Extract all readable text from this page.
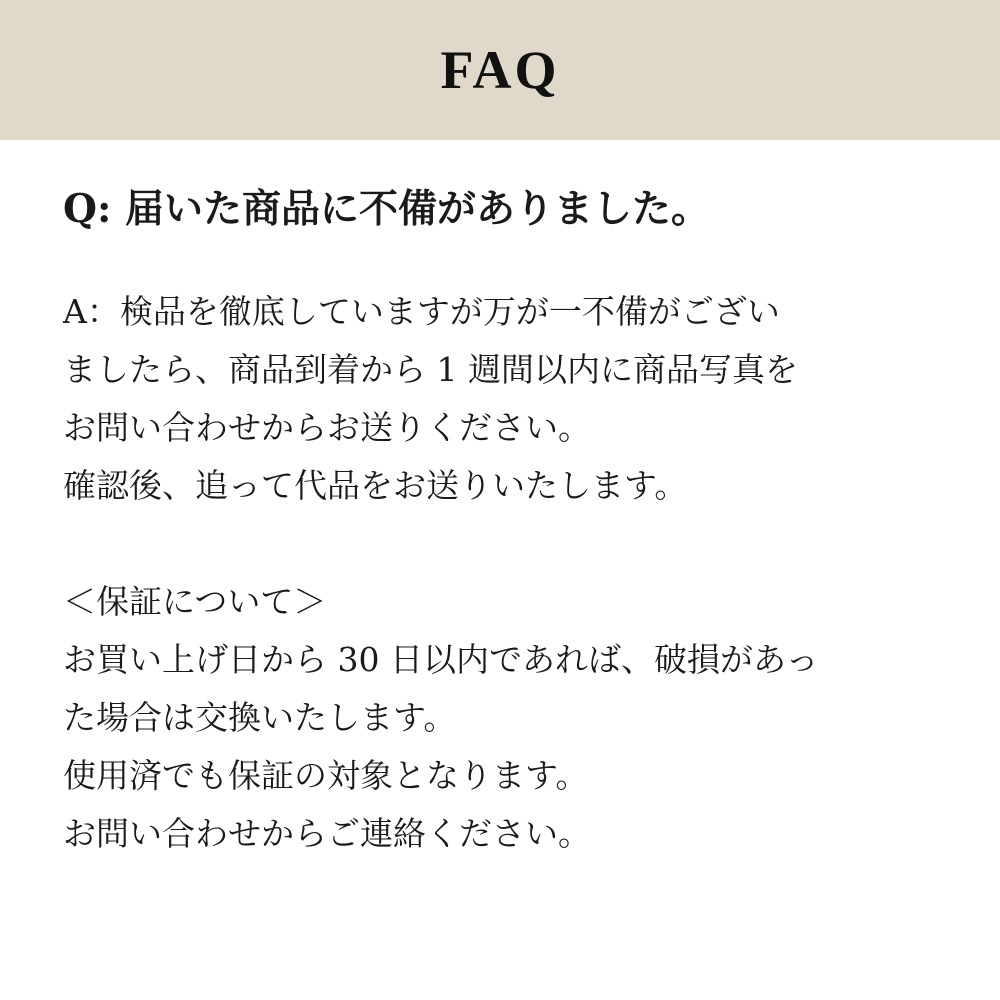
FAQ
Q: 届いた商品に不備がありました。
A：検品を徹底していますが万が一不備がござい
ましたら、商品到着から 1 週間以内に商品写真を
お問い合わせからお送りください。
確認後、追って代品をお送りいたします。
＜保証について＞
お買い上げ日から 30 日以内であれば、破損があっ
た場合は交換いたします。
使用済でも保証の対象となります。
お問い合わせからご連絡ください。
